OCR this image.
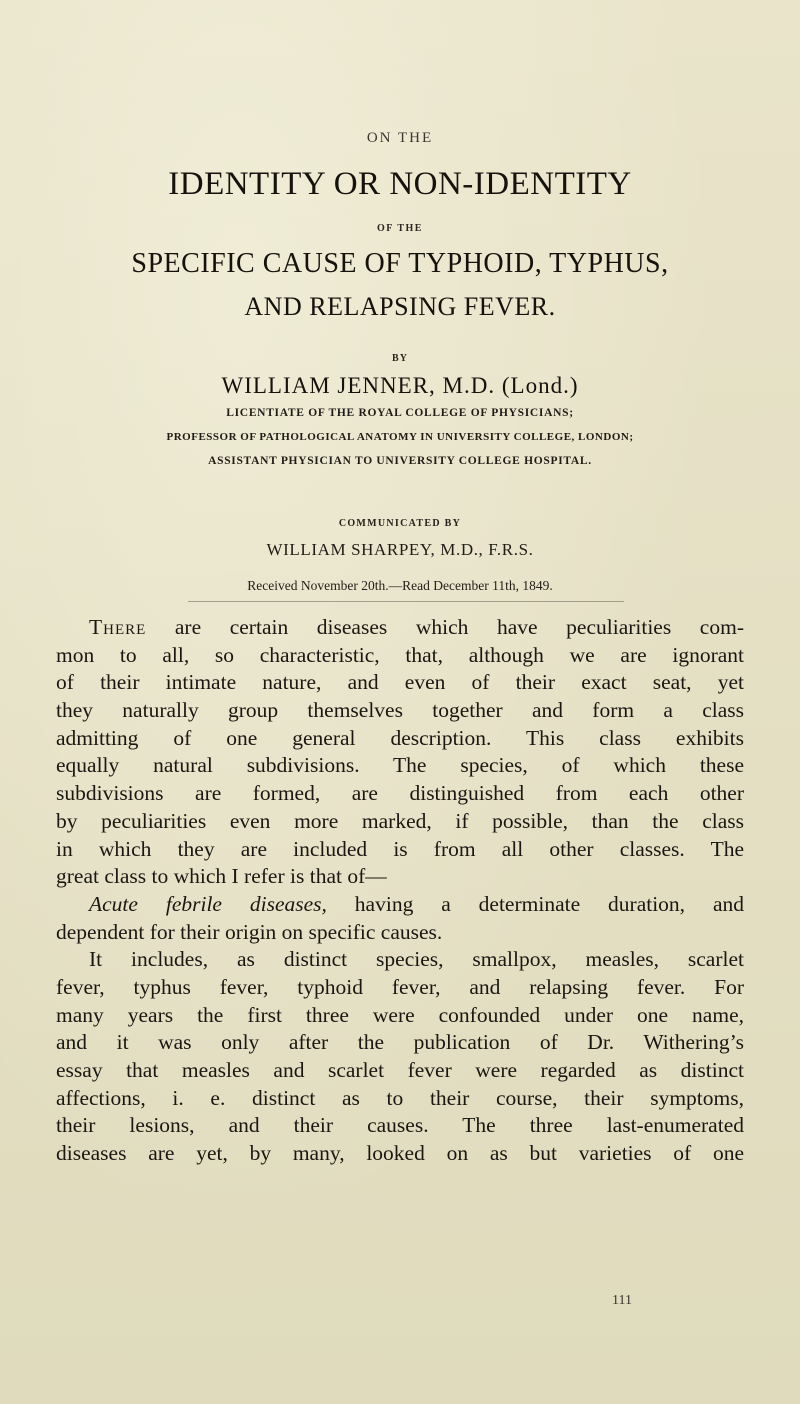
ON THE
IDENTITY OR NON-IDENTITY
OF THE
SPECIFIC CAUSE OF TYPHOID, TYPHUS,
AND RELAPSING FEVER.
BY
WILLIAM JENNER, M.D. (Lond.)
LICENTIATE OF THE ROYAL COLLEGE OF PHYSICIANS;
PROFESSOR OF PATHOLOGICAL ANATOMY IN UNIVERSITY COLLEGE, LONDON;
ASSISTANT PHYSICIAN TO UNIVERSITY COLLEGE HOSPITAL.
COMMUNICATED BY
WILLIAM SHARPEY, M.D., F.R.S.
Received November 20th.—Read December 11th, 1849.
There are certain diseases which have peculiarities com-
mon to all, so characteristic, that, although we are ignorant
of their intimate nature, and even of their exact seat, yet
they naturally group themselves together and form a class
admitting of one general description. This class exhibits
equally natural subdivisions. The species, of which these
subdivisions are formed, are distinguished from each other
by peculiarities even more marked, if possible, than the class
in which they are included is from all other classes. The
great class to which I refer is that of—
Acute febrile diseases, having a determinate duration, and
dependent for their origin on specific causes.
It includes, as distinct species, smallpox, measles, scarlet
fever, typhus fever, typhoid fever, and relapsing fever. For
many years the first three were confounded under one name,
and it was only after the publication of Dr. Withering’s
essay that measles and scarlet fever were regarded as distinct
affections, i. e. distinct as to their course, their symptoms,
their lesions, and their causes. The three last-enumerated
diseases are yet, by many, looked on as but varieties of one
111
